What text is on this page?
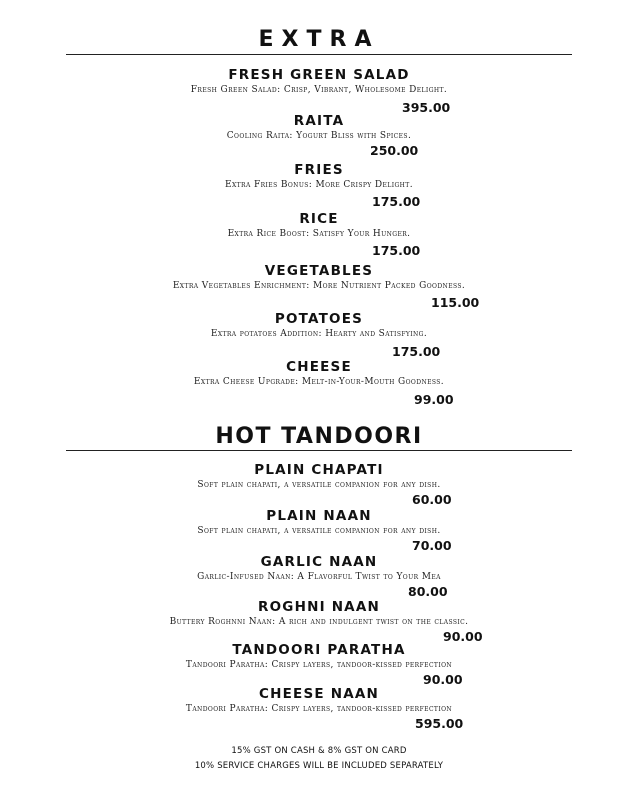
EXTRA
FRESH GREEN SALAD
Fresh Green Salad: Crisp, Vibrant, Wholesome Delight.
395.00
RAITA
Cooling Raita: Yogurt Bliss with Spices.
250.00
FRIES
Extra Fries Bonus: More Crispy Delight.
175.00
RICE
Extra Rice Boost: Satisfy Your Hunger.
175.00
VEGETABLES
Extra Vegetables Enrichment: More Nutrient Packed Goodness.
115.00
POTATOES
Extra potatoes Addition: Hearty and Satisfying.
175.00
CHEESE
Extra Cheese Upgrade: Melt-in-Your-Mouth Goodness.
99.00
HOT TANDOORI
PLAIN CHAPATI
Soft plain chapati, a versatile companion for any dish.
60.00
PLAIN NAAN
Soft plain chapati, a versatile companion for any dish.
70.00
GARLIC NAAN
Garlic-Infused Naan: A Flavorful Twist to Your Mea
80.00
ROGHNI NAAN
Buttery Roghnni Naan: A rich and indulgent twist on the classic.
90.00
TANDOORI PARATHA
Tandoori Paratha: Crispy layers, tandoor-kissed perfection
90.00
CHEESE NAAN
Tandoori Paratha: Crispy layers, tandoor-kissed perfection
595.00
15% GST ON CASH & 8% GST ON CARD
10% SERVICE CHARGES WILL BE INCLUDED SEPARATELY
